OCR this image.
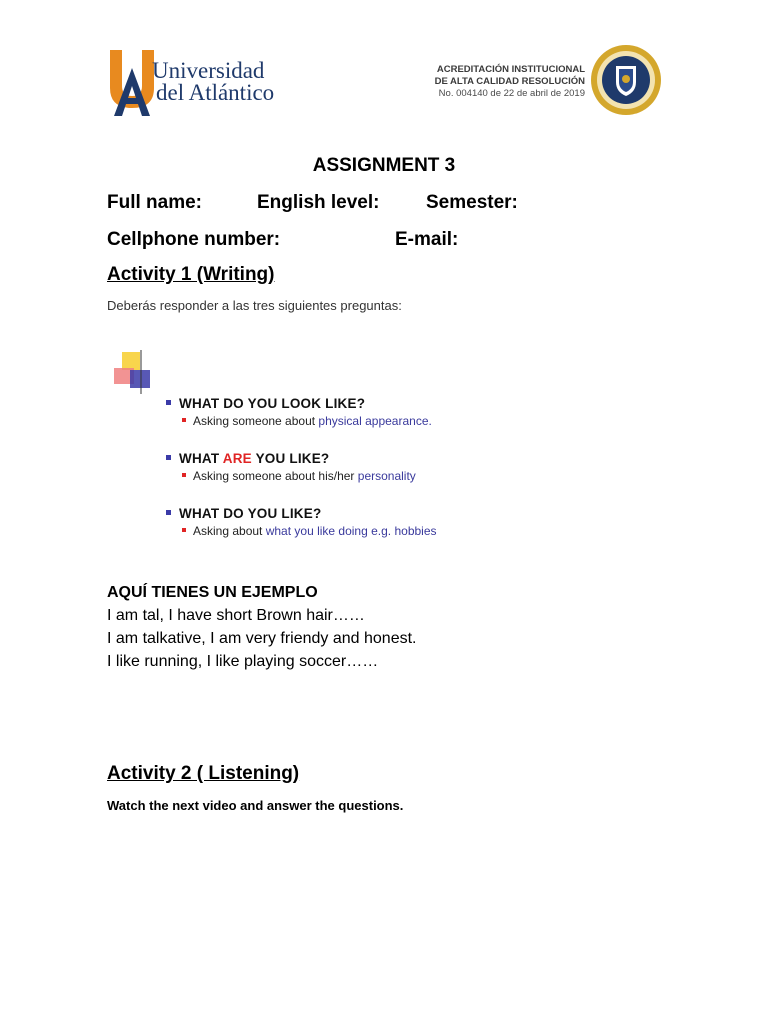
Universidad
del Atlántico
ACREDITACIÓN INSTITUCIONAL
DE ALTA CALIDAD RESOLUCIÓN
No. 004140 de 22 de abril de 2019
ASSIGNMENT 3
Full name:	English level: Semester:
Cellphone number:	E-mail:
Activity 1 (Writing)
Deberás responder a las tres siguientes preguntas:
WHAT DO YOU LOOK LIKE?
Asking someone about physical appearance.
WHAT ARE YOU LIKE?
Asking someone about his/her personality
WHAT DO YOU LIKE?
Asking about what you like doing e.g. hobbies
AQUÍ TIENES UN EJEMPLO
I am tal, I have short Brown hair……
I am talkative, I am very friendy and honest.
I like running, I like playing soccer……
Activity 2 ( Listening)
Watch the next video and answer the questions.
